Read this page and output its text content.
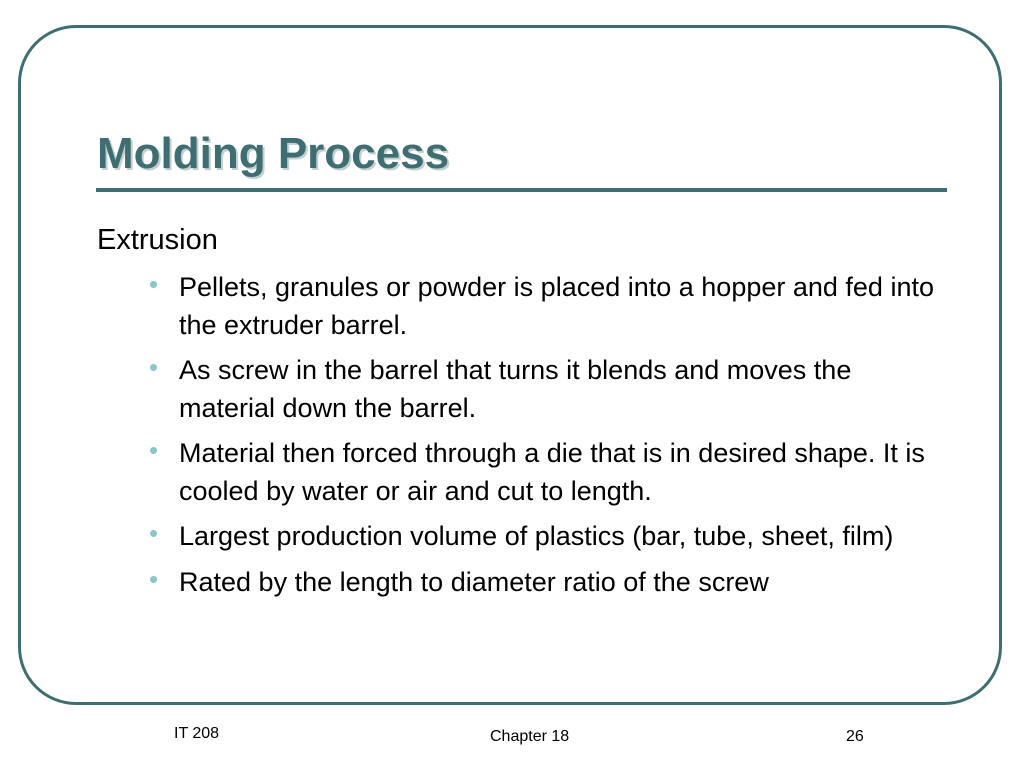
Molding Process
Extrusion
• Pellets, granules or powder is placed into a hopper and fed into the extruder barrel.
• As screw in the barrel that turns it blends and moves the material down the barrel.
• Material then forced through a die that is in desired shape. It is cooled by water or air and cut to length.
• Largest production volume of plastics (bar, tube, sheet, film)
• Rated by the length to diameter ratio of the screw
IT 208	Chapter 18	26
